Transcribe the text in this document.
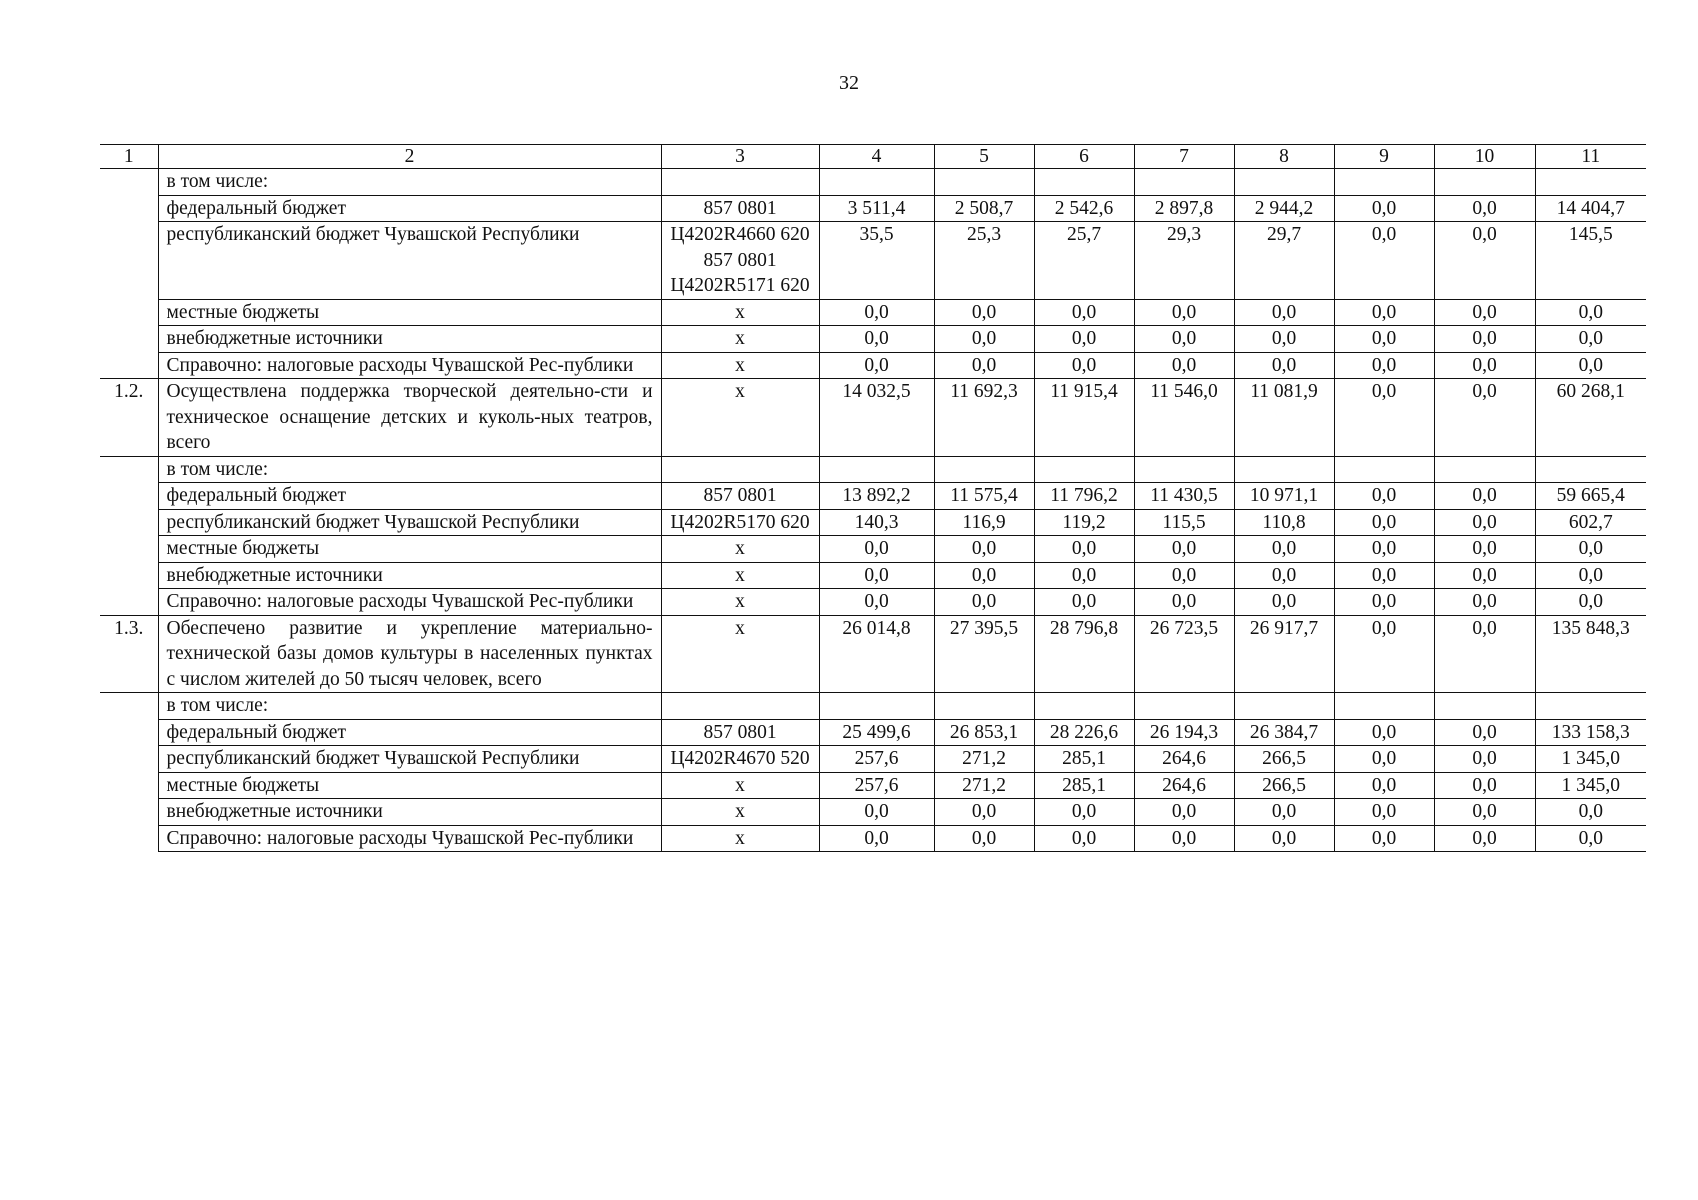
32
1	2	3	4	5	6	7	8	9	10	11
	в том числе:									
	федеральный бюджет	857 0801	3 511,4	2 508,7	2 542,6	2 897,8	2 944,2	0,0	0,0	14 404,7
	республиканский бюджет Чувашской Республики	Ц4202R4660 620 857 0801 Ц4202R5171 620	35,5	25,3	25,7	29,3	29,7	0,0	0,0	145,5
	местные бюджеты	x	0,0	0,0	0,0	0,0	0,0	0,0	0,0	0,0
	внебюджетные источники	x	0,0	0,0	0,0	0,0	0,0	0,0	0,0	0,0
	Справочно: налоговые расходы Чувашской Рес-публики	x	0,0	0,0	0,0	0,0	0,0	0,0	0,0	0,0
1.2.	Осуществлена поддержка творческой деятельно-сти и техническое оснащение детских и куколь-ных театров, всего	x	14 032,5	11 692,3	11 915,4	11 546,0	11 081,9	0,0	0,0	60 268,1
	в том числе:									
	федеральный бюджет	857 0801	13 892,2	11 575,4	11 796,2	11 430,5	10 971,1	0,0	0,0	59 665,4
	республиканский бюджет Чувашской Республики	Ц4202R5170 620	140,3	116,9	119,2	115,5	110,8	0,0	0,0	602,7
	местные бюджеты	x	0,0	0,0	0,0	0,0	0,0	0,0	0,0	0,0
	внебюджетные источники	x	0,0	0,0	0,0	0,0	0,0	0,0	0,0	0,0
	Справочно: налоговые расходы Чувашской Рес-публики	x	0,0	0,0	0,0	0,0	0,0	0,0	0,0	0,0
1.3.	Обеспечено развитие и укрепление материально-технической базы домов культуры в населенных пунктах с числом жителей до 50 тысяч человек, всего	x	26 014,8	27 395,5	28 796,8	26 723,5	26 917,7	0,0	0,0	135 848,3
	в том числе:									
	федеральный бюджет	857 0801	25 499,6	26 853,1	28 226,6	26 194,3	26 384,7	0,0	0,0	133 158,3
	республиканский бюджет Чувашской Республики	Ц4202R4670 520	257,6	271,2	285,1	264,6	266,5	0,0	0,0	1 345,0
	местные бюджеты	x	257,6	271,2	285,1	264,6	266,5	0,0	0,0	1 345,0
	внебюджетные источники	x	0,0	0,0	0,0	0,0	0,0	0,0	0,0	0,0
	Справочно: налоговые расходы Чувашской Рес-публики	x	0,0	0,0	0,0	0,0	0,0	0,0	0,0	0,0
